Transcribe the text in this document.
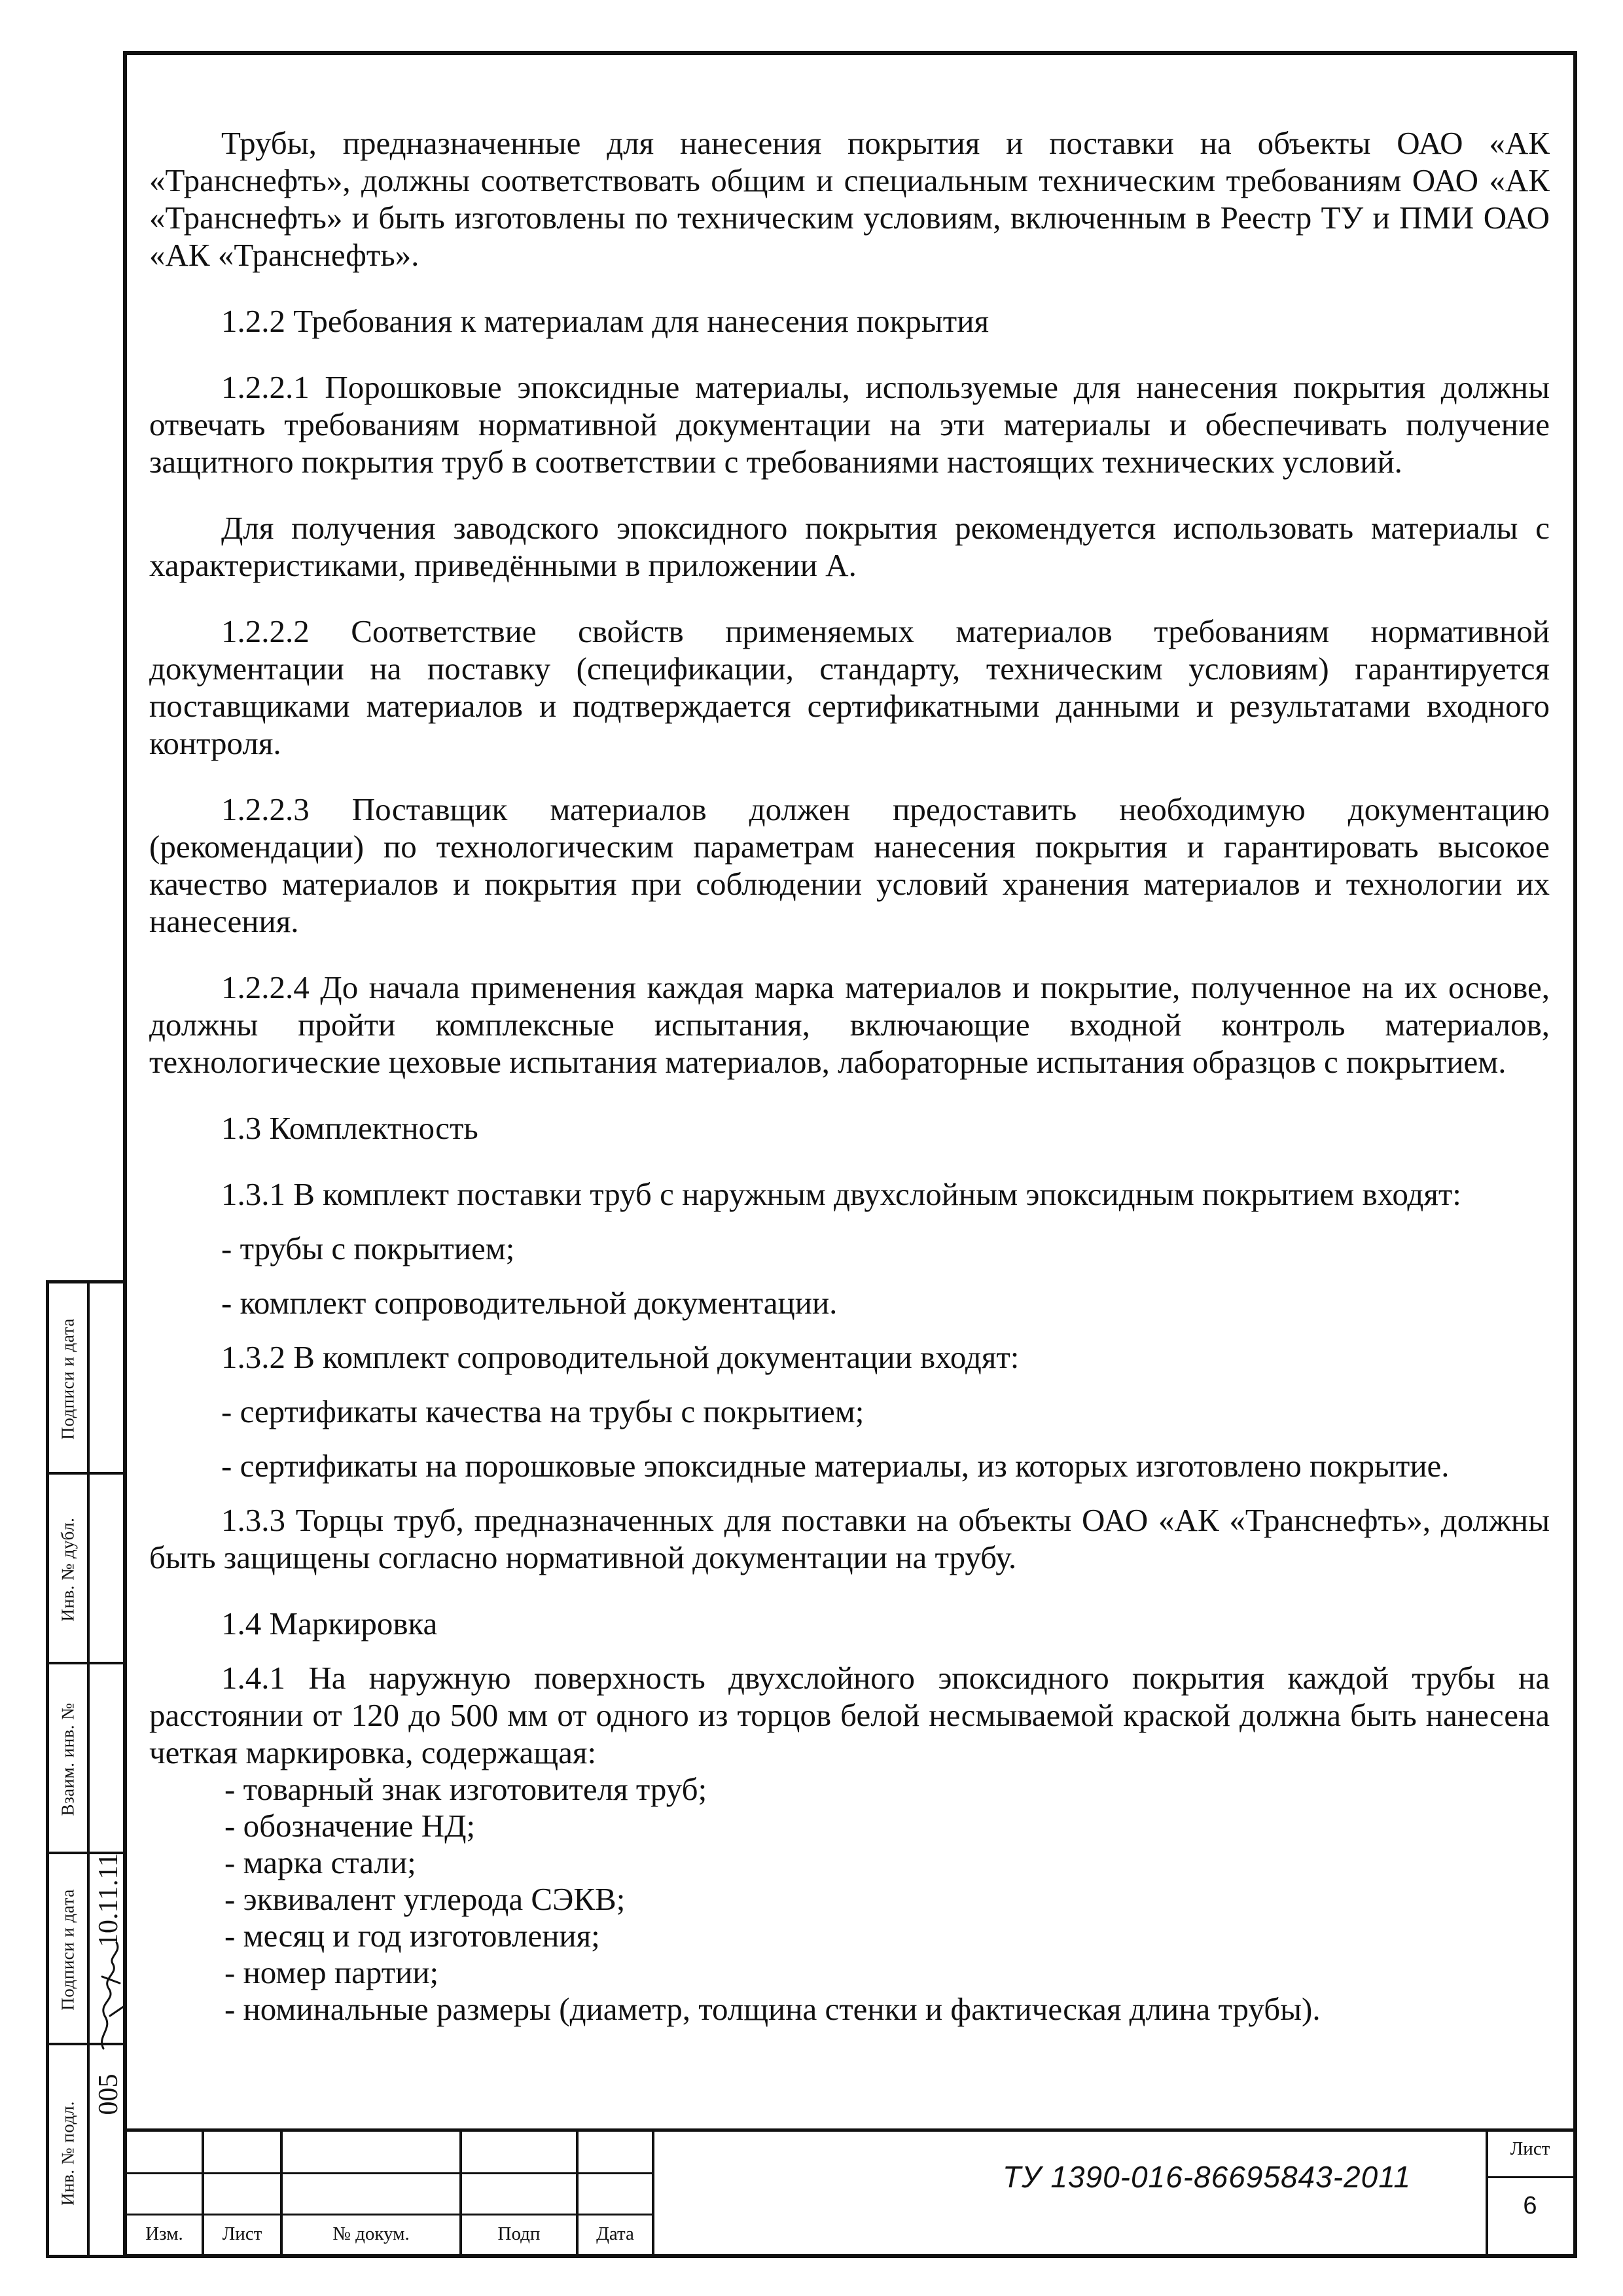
Трубы, предназначенные для нанесения покрытия и поставки на объекты ОАО «АК «Транснефть», должны соответствовать общим и специальным техническим требованиям ОАО «АК «Транснефть» и быть изготовлены по техническим условиям, включенным в Реестр ТУ и ПМИ ОАО «АК «Транснефть».

1.2.2 Требования к материалам для нанесения покрытия

1.2.2.1 Порошковые эпоксидные материалы, используемые для нанесения покрытия должны отвечать требованиям нормативной документации на эти материалы и обеспечивать получение защитного покрытия труб в соответствии с требованиями настоящих технических условий.

Для получения заводского эпоксидного покрытия рекомендуется использовать материалы с характеристиками, приведёнными в приложении А.

1.2.2.2 Соответствие свойств применяемых материалов требованиям нормативной документации на поставку (спецификации, стандарту, техническим условиям) гарантируется поставщиками материалов и подтверждается сертификатными данными и результатами входного контроля.

1.2.2.3 Поставщик материалов должен предоставить необходимую документацию (рекомендации) по технологическим параметрам нанесения покрытия и гарантировать высокое качество материалов и покрытия при соблюдении условий хранения материалов и технологии их нанесения.

1.2.2.4 До начала применения каждая марка материалов и покрытие, полученное на их основе, должны пройти комплексные испытания, включающие входной контроль материалов, технологические цеховые испытания материалов, лабораторные испытания образцов с покрытием.

1.3 Комплектность

1.3.1 В комплект поставки труб с наружным двухслойным эпоксидным покрытием входят:

- трубы с покрытием;

- комплект сопроводительной документации.

1.3.2 В комплект сопроводительной документации входят:

- сертификаты качества на трубы с покрытием;

- сертификаты на порошковые эпоксидные материалы, из которых изготовлено покрытие.

1.3.3 Торцы труб, предназначенных для поставки на объекты ОАО «АК «Транснефть», должны быть защищены согласно нормативной документации на трубу.

1.4 Маркировка

1.4.1 На наружную поверхность двухслойного эпоксидного покрытия каждой трубы на расстоянии от 120 до 500 мм от одного из торцов белой несмываемой краской должна быть нанесена четкая маркировка, содержащая:

- товарный знак изготовителя труб;
- обозначение НД;
- марка стали;
- эквивалент углерода СЭКВ;
- месяц и год изготовления;
- номер партии;
- номинальные размеры (диаметр, толщина стенки и фактическая длина трубы).
Подписи и дата
Инв. № дубл.
Взаим. инв. №
Подписи и дата 10.11.11
Инв. № подл.
005
Изм.	Лист	№ докум.	Подп	Дата
ТУ 1390-016-86695843-2011
Лист
6
